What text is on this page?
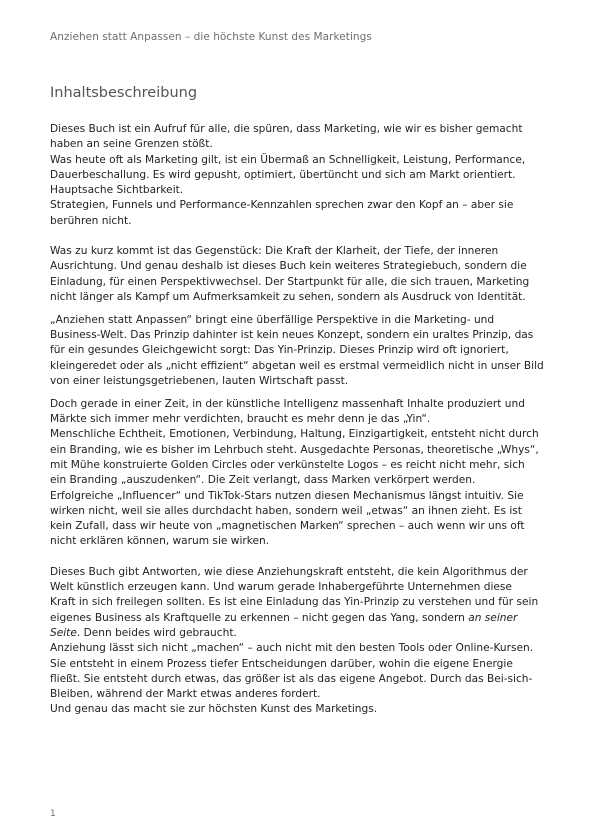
Anziehen statt Anpassen – die höchste Kunst des Marketings
Inhaltsbeschreibung

Dieses Buch ist ein Aufruf für alle, die spüren, dass Marketing, wie wir es bisher gemacht

haben an seine Grenzen stößt.

Was heute oft als Marketing gilt, ist ein Übermaß an Schnelligkeit, Leistung, Performance,

Dauerbeschallung. Es wird gepusht, optimiert, übertüncht und sich am Markt orientiert.

Hauptsache Sichtbarkeit.

Strategien, Funnels und Performance-Kennzahlen sprechen zwar den Kopf an – aber sie

berühren nicht.

Was zu kurz kommt ist das Gegenstück: Die Kraft der Klarheit, der Tiefe, der inneren

Ausrichtung. Und genau deshalb ist dieses Buch kein weiteres Strategiebuch, sondern die

Einladung, für einen Perspektivwechsel. Der Startpunkt für alle, die sich trauen, Marketing

nicht länger als Kampf um Aufmerksamkeit zu sehen, sondern als Ausdruck von Identität.

„Anziehen statt Anpassen“ bringt eine überfällige Perspektive in die Marketing- und

Business-Welt. Das Prinzip dahinter ist kein neues Konzept, sondern ein uraltes Prinzip, das

für ein gesundes Gleichgewicht sorgt: Das Yin-Prinzip. Dieses Prinzip wird oft ignoriert,

kleingeredet oder als „nicht effizient“ abgetan weil es erstmal vermeidlich nicht in unser Bild

von einer leistungsgetriebenen, lauten Wirtschaft passt.

Doch gerade in einer Zeit, in der künstliche Intelligenz massenhaft Inhalte produziert und

Märkte sich immer mehr verdichten, braucht es mehr denn je das „Yin“.

Menschliche Echtheit, Emotionen, Verbindung, Haltung, Einzigartigkeit, entsteht nicht durch

ein Branding, wie es bisher im Lehrbuch steht. Ausgedachte Personas, theoretische „Whys“,

mit Mühe konstruierte Golden Circles oder verkünstelte Logos – es reicht nicht mehr, sich

ein Branding „auszudenken“. Die Zeit verlangt, dass Marken verkörpert werden.

Erfolgreiche „Influencer“ und TikTok-Stars nutzen diesen Mechanismus längst intuitiv. Sie

wirken nicht, weil sie alles durchdacht haben, sondern weil „etwas“ an ihnen zieht. Es ist

kein Zufall, dass wir heute von „magnetischen Marken“ sprechen – auch wenn wir uns oft

nicht erklären können, warum sie wirken.

Dieses Buch gibt Antworten, wie diese Anziehungskraft entsteht, die kein Algorithmus der

Welt künstlich erzeugen kann. Und warum gerade Inhabergeführte Unternehmen diese

Kraft in sich freilegen sollten. Es ist eine Einladung das Yin-Prinzip zu verstehen und für sein

eigenes Business als Kraftquelle zu erkennen – nicht gegen das Yang, sondern an seiner

Seite. Denn beides wird gebraucht.

Anziehung lässt sich nicht „machen“ – auch nicht mit den besten Tools oder Online-Kursen.

Sie entsteht in einem Prozess tiefer Entscheidungen darüber, wohin die eigene Energie

fließt. Sie entsteht durch etwas, das größer ist als das eigene Angebot. Durch das Bei-sich-

Bleiben, während der Markt etwas anderes fordert.

Und genau das macht sie zur höchsten Kunst des Marketings.

1
